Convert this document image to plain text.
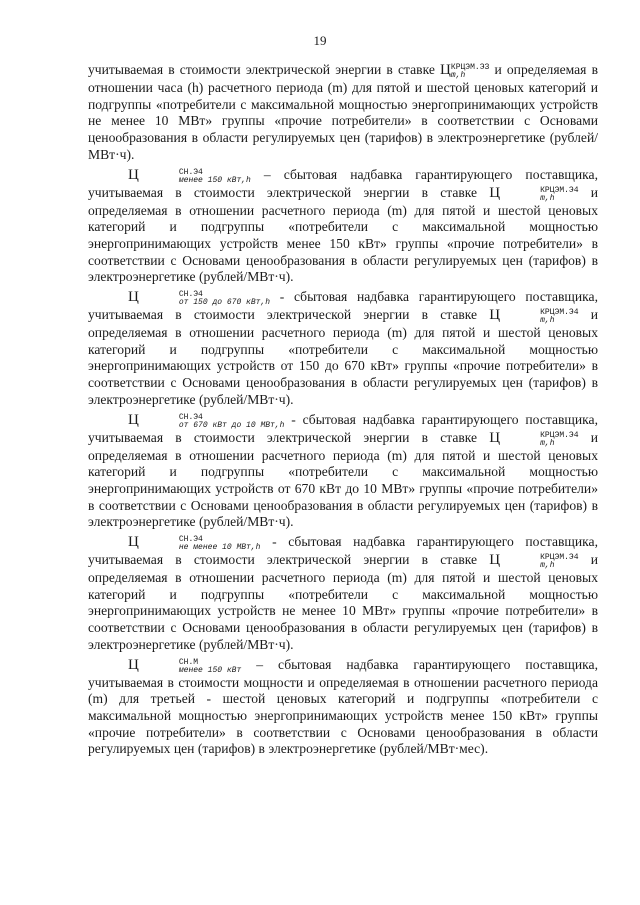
19

учитываемая в стоимости электрической энергии в ставке Ц КРЦЭМ.ЭЗ
m,h	и определяемая в отношении часа (h) расчетного периода (m) для пятой и шестой ценовых категорий и подгруппы «потребители с максимальной мощностью энергопринимающих устройств не менее 10 МВт» группы «прочие потребители» в соответствии с Основами ценообразования в области регулируемых цен (тарифов) в электроэнергетике (рублей/МВт·ч).

Ц	СН.Э4
менее 150 кВт,h – сбытовая надбавка гарантирующего поставщика, учитываемая в стоимости электрической энергии в ставке Ц	КРЦЭМ.Э4
m,h	и определяемая в отношении расчетного периода (m) для пятой и шестой ценовых категорий и подгруппы «потребители с максимальной мощностью энергопринимающих устройств менее 150 кВт» группы «прочие потребители» в соответствии с Основами ценообразования в области регулируемых цен (тарифов) в электроэнергетике (рублей/МВт·ч).

Ц	СН.Э4
от 150 до 670 кВт,h - сбытовая надбавка гарантирующего поставщика, учитываемая в стоимости электрической энергии в ставке Ц	КРЦЭМ.Э4
m,h	и определяемая в отношении расчетного периода (m) для пятой и шестой ценовых категорий и подгруппы «потребители с максимальной мощностью энергопринимающих устройств от 150 до 670 кВт» группы «прочие потребители» в соответствии с Основами ценообразования в области регулируемых цен (тарифов) в электроэнергетике (рублей/МВт·ч).

Ц	СН.Э4
от 670 кВт до 10 МВт,h - сбытовая надбавка гарантирующего поставщика, учитываемая в стоимости электрической энергии в ставке Ц	КРЦЭМ.Э4
m,h	и определяемая в отношении расчетного периода (m) для пятой и шестой ценовых категорий и подгруппы «потребители с максимальной мощностью энергопринимающих устройств от 670 кВт до 10 МВт» группы «прочие потребители» в соответствии с Основами ценообразования в области регулируемых цен (тарифов) в электроэнергетике (рублей/МВт·ч).

Ц	СН.Э4
не менее 10 МВт,h - сбытовая надбавка гарантирующего поставщика, учитываемая в стоимости электрической энергии в ставке Ц	КРЦЭМ.Э4
m,h	и определяемая в отношении расчетного периода (m) для пятой и шестой ценовых категорий и подгруппы «потребители с максимальной мощностью энергопринимающих устройств не менее 10 МВт» группы «прочие потребители» в соответствии с Основами ценообразования в области регулируемых цен (тарифов) в электроэнергетике (рублей/МВт·ч).

Ц	СН.М
менее 150 кВт – сбытовая надбавка гарантирующего поставщика, учитываемая в стоимости мощности и определяемая в отношении расчетного периода (m) для третьей - шестой ценовых категорий и подгруппы «потребители с максимальной мощностью энергопринимающих устройств менее 150 кВт» группы «прочие потребители» в соответствии с Основами ценообразования в области регулируемых цен (тарифов) в электроэнергетике (рублей/МВт·мес).
